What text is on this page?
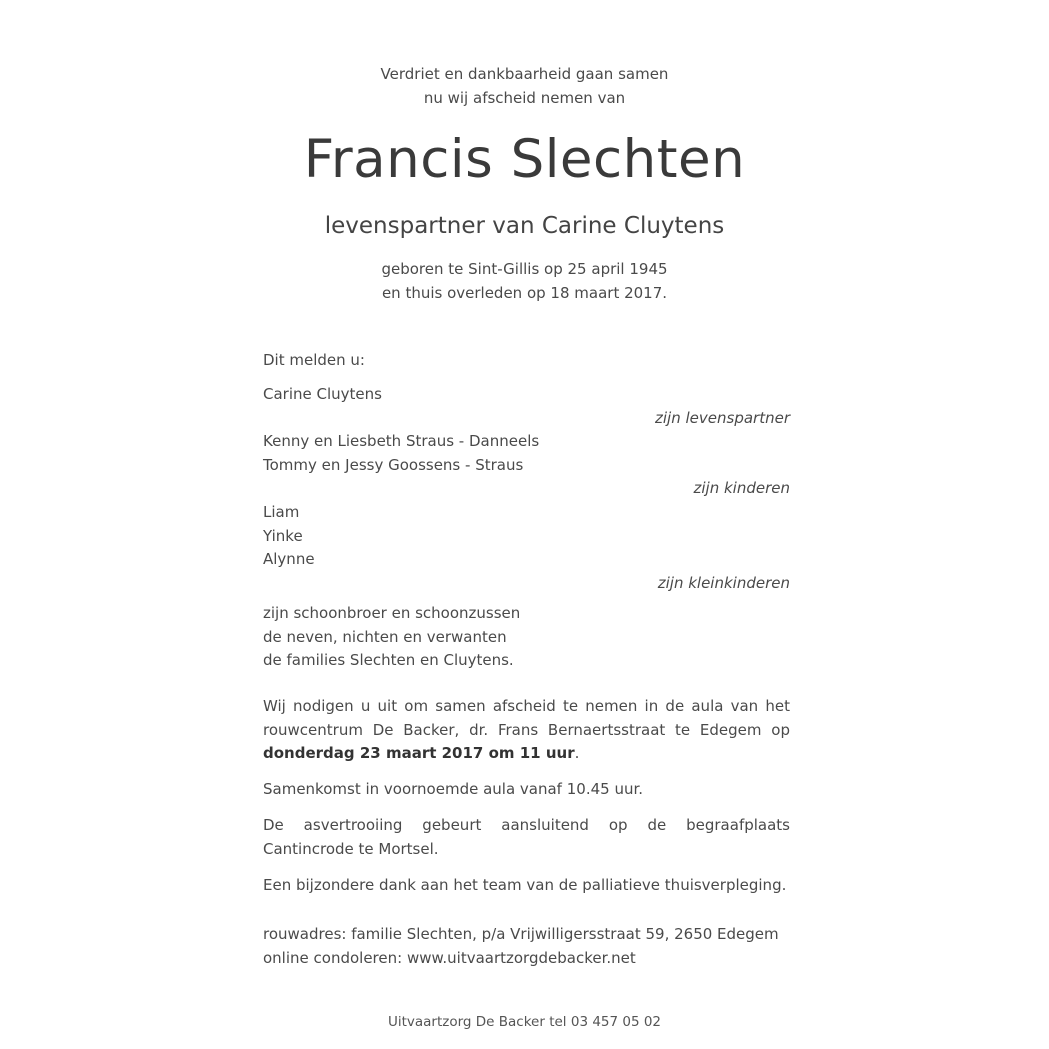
Verdriet en dankbaarheid gaan samen
nu wij afscheid nemen van
Francis Slechten
levenspartner van Carine Cluytens
geboren te Sint-Gillis op 25 april 1945
en thuis overleden op 18 maart 2017.
Dit melden u:
Carine Cluytens
zijn levenspartner
Kenny en Liesbeth Straus - Danneels
Tommy en Jessy Goossens - Straus
zijn kinderen
Liam
Yinke
Alynne
zijn kleinkinderen
zijn schoonbroer en schoonzussen
de neven, nichten en verwanten
de families Slechten en Cluytens.
Wij nodigen u uit om samen afscheid te nemen in de aula van het rouwcentrum De Backer, dr. Frans Bernaertsstraat te Edegem op donderdag 23 maart 2017 om 11 uur.
Samenkomst in voornoemde aula vanaf 10.45 uur.
De asvertrooiing gebeurt aansluitend op de begraafplaats Cantincrode te Mortsel.
Een bijzondere dank aan het team van de palliatieve thuisverpleging.
rouwadres: familie Slechten, p/a Vrijwilligersstraat 59, 2650 Edegem
online condoleren: www.uitvaartzorgdebacker.net
Uitvaartzorg De Backer tel 03 457 05 02
